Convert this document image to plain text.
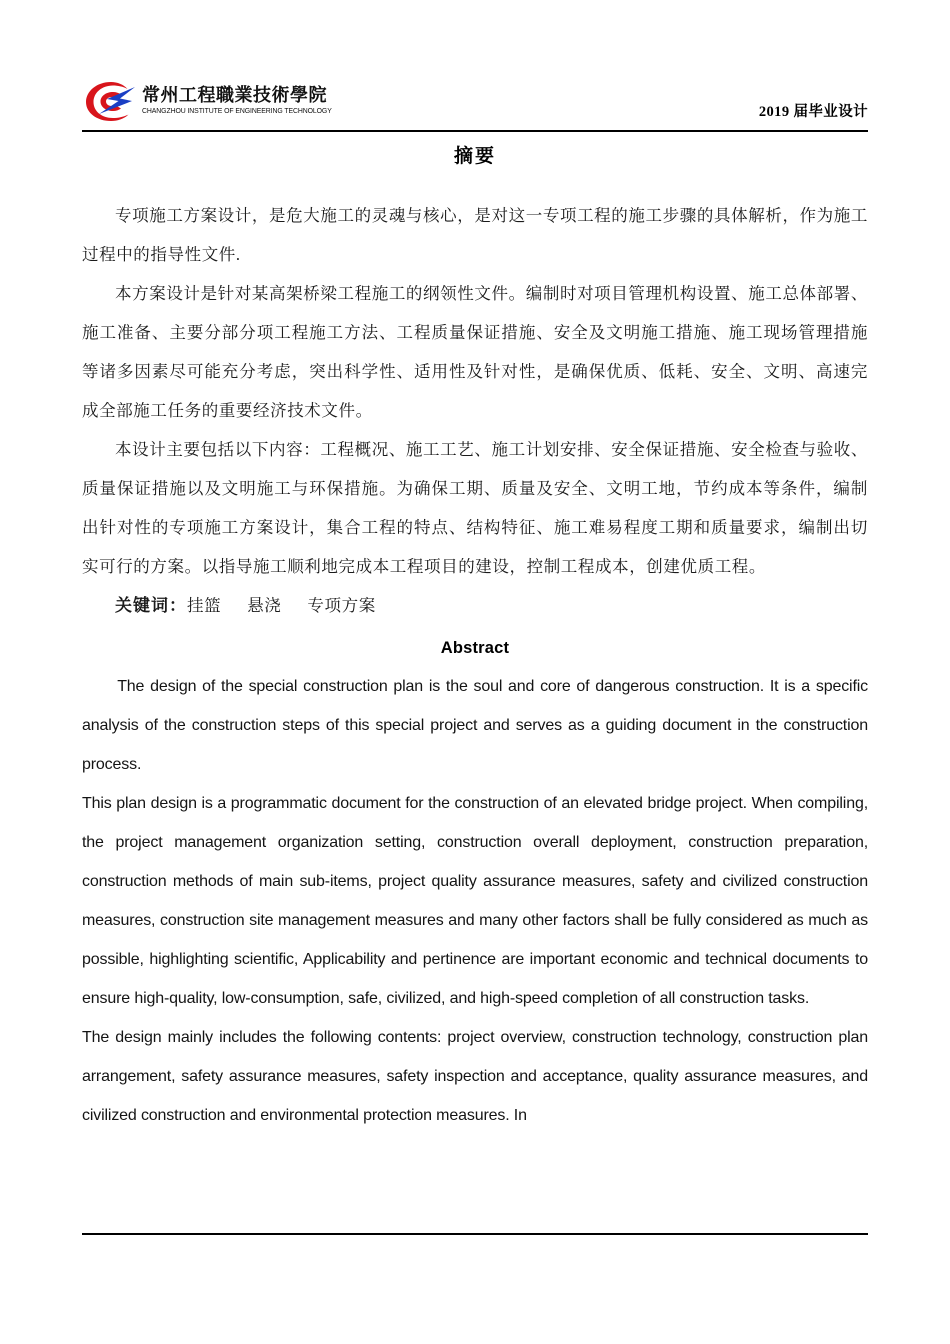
常州工程職業技術學院
CHANGZHOU INSTITUTE OF ENGINEERING TECHNOLOGY	2019 届毕业设计
摘要

专项施工方案设计，是危大施工的灵魂与核心，是对这一专项工程的施工步骤的具体解析，作为施工过程中的指导性文件.

本方案设计是针对某高架桥梁工程施工的纲领性文件。编制时对项目管理机构设置、施工总体部署、施工准备、主要分部分项工程施工方法、工程质量保证措施、安全及文明施工措施、施工现场管理措施等诸多因素尽可能充分考虑，突出科学性、适用性及针对性，是确保优质、低耗、安全、文明、高速完成全部施工任务的重要经济技术文件。

本设计主要包括以下内容：工程概况、施工工艺、施工计划安排、安全保证措施、安全检查与验收、质量保证措施以及文明施工与环保措施。为确保工期、质量及安全、文明工地，节约成本等条件，编制出针对性的专项施工方案设计，集合工程的特点、结构特征、施工难易程度工期和质量要求，编制出切实可行的方案。以指导施工顺利地完成本工程项目的建设，控制工程成本，创建优质工程。

关键词：挂篮 悬浇 专项方案

Abstract

The design of the special construction plan is the soul and core of dangerous construction. It is a specific analysis of the construction steps of this special project and serves as a guiding document in the construction process.

This plan design is a programmatic document for the construction of an elevated bridge project. When compiling, the project management organization setting, construction overall deployment, construction preparation, construction methods of main sub-items, project quality assurance measures, safety and civilized construction measures, construction site management measures and many other factors shall be fully considered as much as possible, highlighting scientific, Applicability and pertinence are important economic and technical documents to ensure high-quality, low-consumption, safe, civilized, and high-speed completion of all construction tasks.

The design mainly includes the following contents: project overview, construction technology, construction plan arrangement, safety assurance measures, safety inspection and acceptance, quality assurance measures, and civilized construction and environmental protection measures. In
